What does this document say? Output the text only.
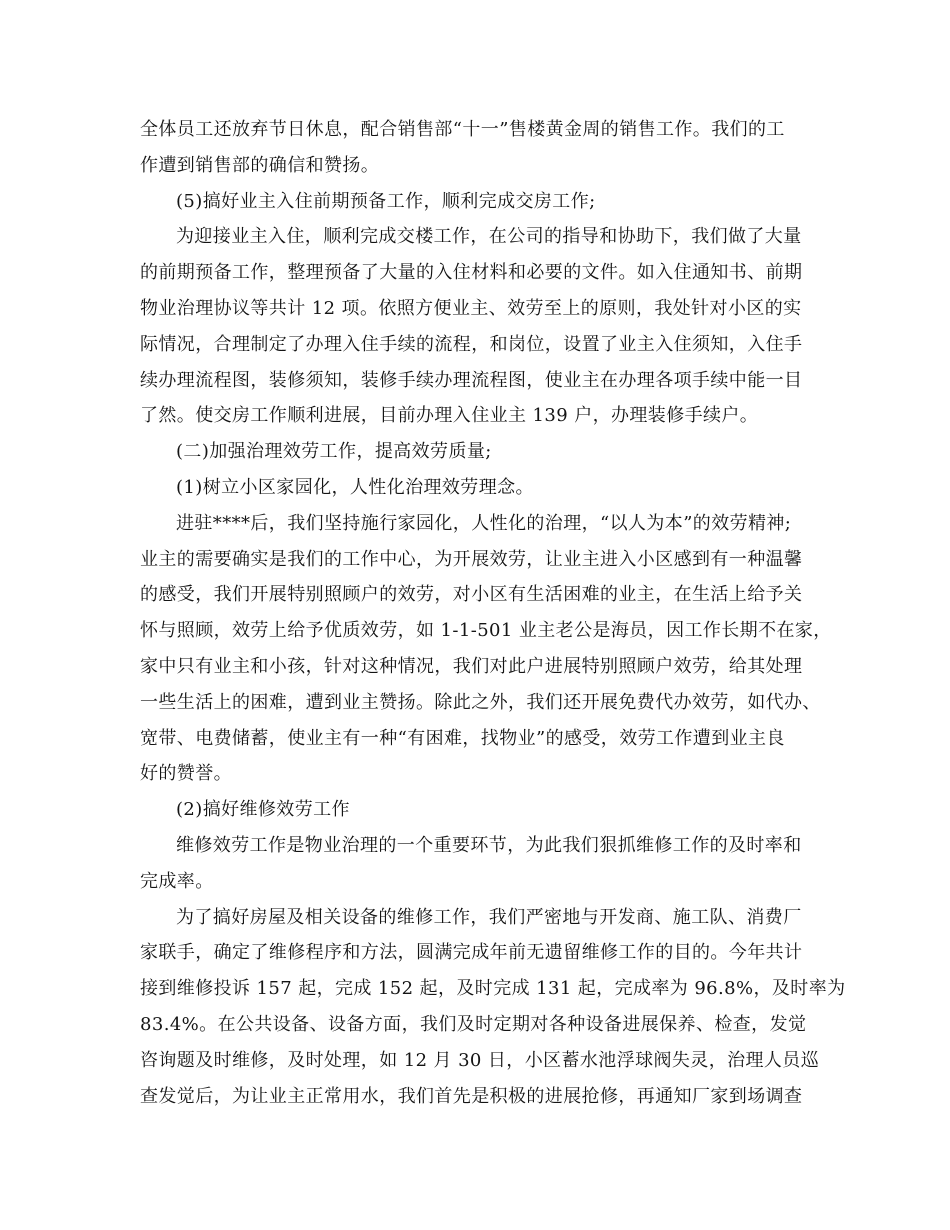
全体员工还放弃节日休息，配合销售部“十一”售楼黄金周的销售工作。我们的工
作遭到销售部的确信和赞扬。
(5)搞好业主入住前期预备工作，顺利完成交房工作;
为迎接业主入住，顺利完成交楼工作，在公司的指导和协助下，我们做了大量
的前期预备工作，整理预备了大量的入住材料和必要的文件。如入住通知书、前期
物业治理协议等共计 12 项。依照方便业主、效劳至上的原则，我处针对小区的实
际情况，合理制定了办理入住手续的流程，和岗位，设置了业主入住须知，入住手
续办理流程图，装修须知，装修手续办理流程图，使业主在办理各项手续中能一目
了然。使交房工作顺利进展，目前办理入住业主 139 户，办理装修手续户。
(二)加强治理效劳工作，提高效劳质量;
(1)树立小区家园化，人性化治理效劳理念。
进驻****后，我们坚持施行家园化，人性化的治理，“以人为本”的效劳精神;
业主的需要确实是我们的工作中心，为开展效劳，让业主进入小区感到有一种温馨
的感受，我们开展特别照顾户的效劳，对小区有生活困难的业主，在生活上给予关
怀与照顾，效劳上给予优质效劳，如 1-1-501 业主老公是海员，因工作长期不在家，
家中只有业主和小孩，针对这种情况，我们对此户进展特别照顾户效劳，给其处理
一些生活上的困难，遭到业主赞扬。除此之外，我们还开展免费代办效劳，如代办、
宽带、电费储蓄，使业主有一种“有困难，找物业”的感受，效劳工作遭到业主良
好的赞誉。
(2)搞好维修效劳工作
维修效劳工作是物业治理的一个重要环节，为此我们狠抓维修工作的及时率和
完成率。
为了搞好房屋及相关设备的维修工作，我们严密地与开发商、施工队、消费厂
家联手，确定了维修程序和方法，圆满完成年前无遗留维修工作的目的。今年共计
接到维修投诉 157 起，完成 152 起，及时完成 131 起，完成率为 96.8%，及时率为
83.4%。在公共设备、设备方面，我们及时定期对各种设备进展保养、检查，发觉
咨询题及时维修，及时处理，如 12 月 30 日，小区蓄水池浮球阀失灵，治理人员巡
查发觉后，为让业主正常用水，我们首先是积极的进展抢修，再通知厂家到场调查
